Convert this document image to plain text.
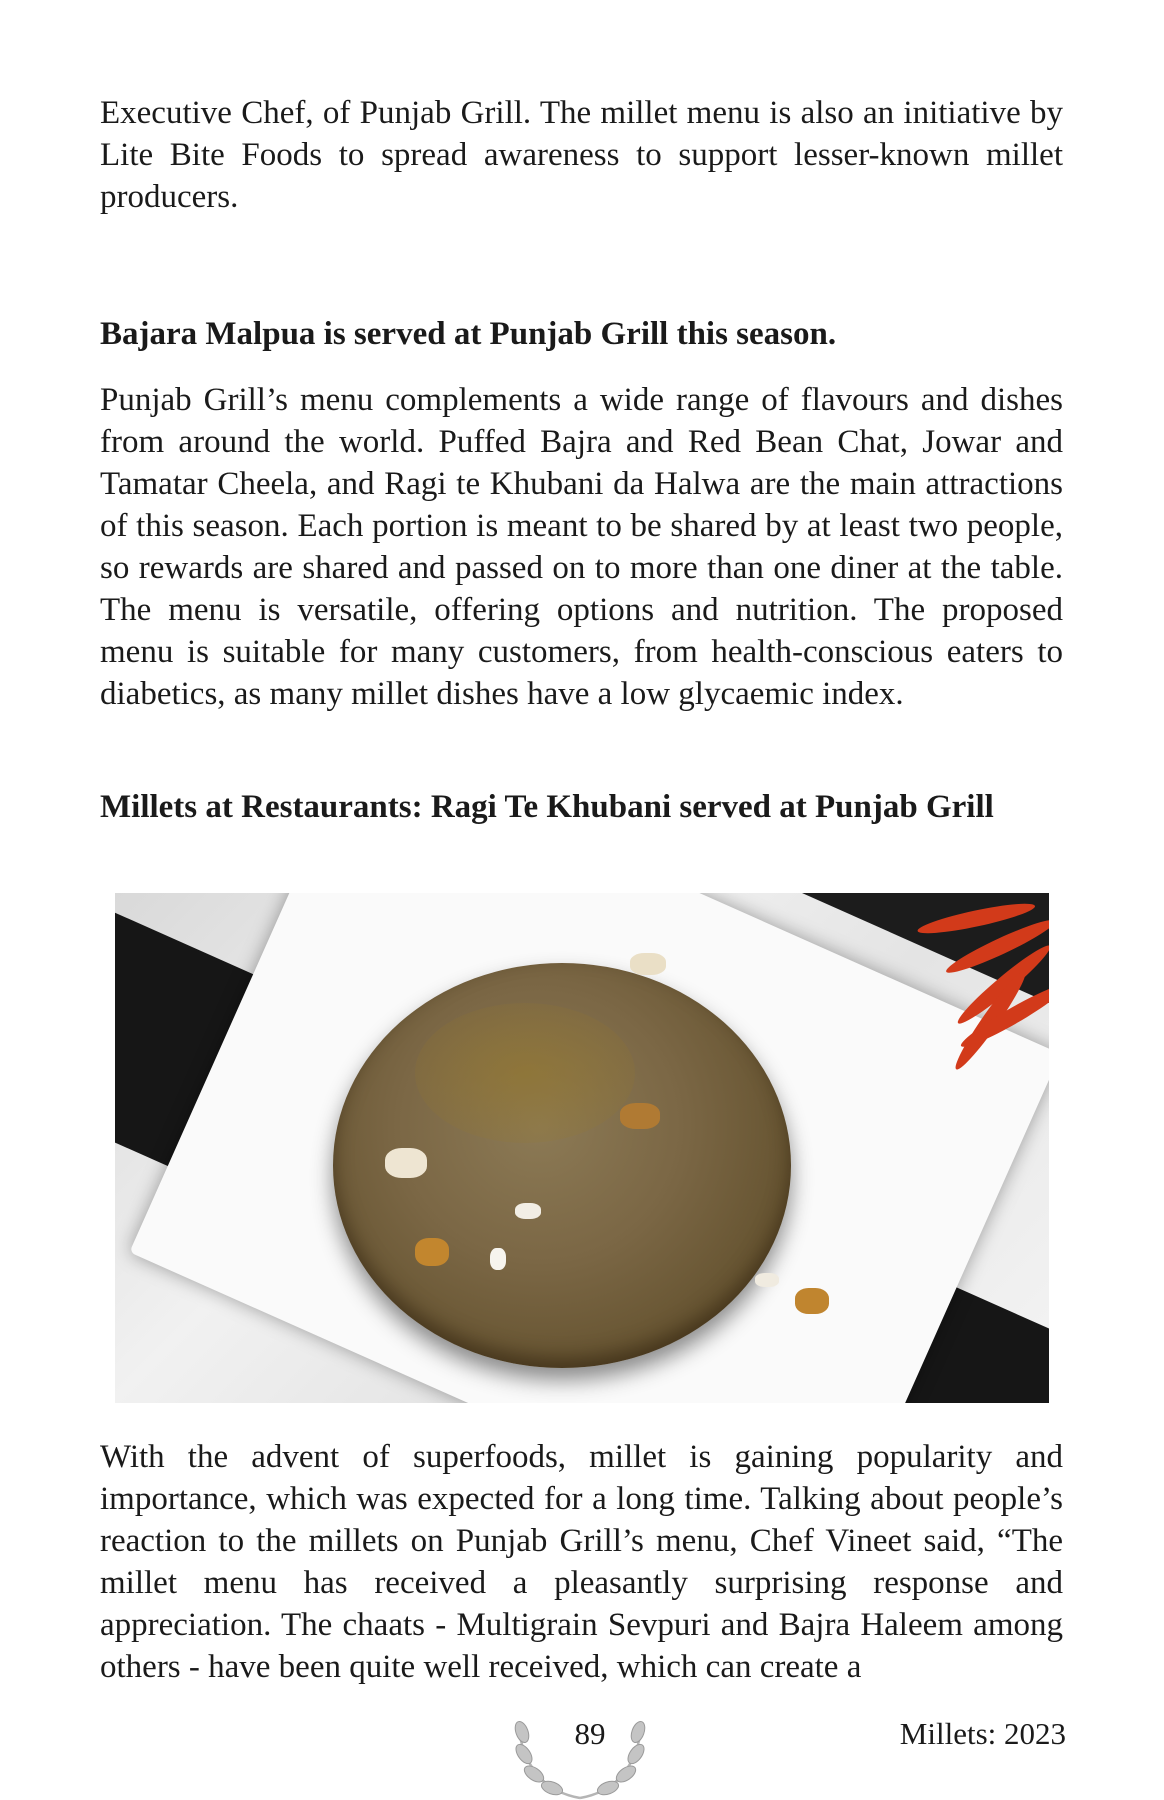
Executive Chef, of Punjab Grill. The millet menu is also an initiative by Lite Bite Foods to spread awareness to support lesser-known millet producers.

Bajara Malpua is served at Punjab Grill this season.

Punjab Grill’s menu complements a wide range of flavours and dishes from around the world. Puffed Bajra and Red Bean Chat, Jowar and Tamatar Cheela, and Ragi te Khubani da Halwa are the main attractions of this season. Each portion is meant to be shared by at least two people, so rewards are shared and passed on to more than one diner at the table. The menu is versatile, offering options and nutrition. The proposed menu is suitable for many customers, from health-conscious eaters to diabetics, as many millet dishes have a low glycaemic index.

Millets at Restaurants: Ragi Te Khubani served at Punjab Grill

With the advent of superfoods, millet is gaining popularity and importance, which was expected for a long time. Talking about people’s reaction to the millets on Punjab Grill’s menu, Chef Vineet said, “The millet menu has received a pleasantly surprising response and appreciation. The chaats - Multigrain Sevpuri and Bajra Haleem among others - have been quite well received, which can create a

89	Millets: 2023
